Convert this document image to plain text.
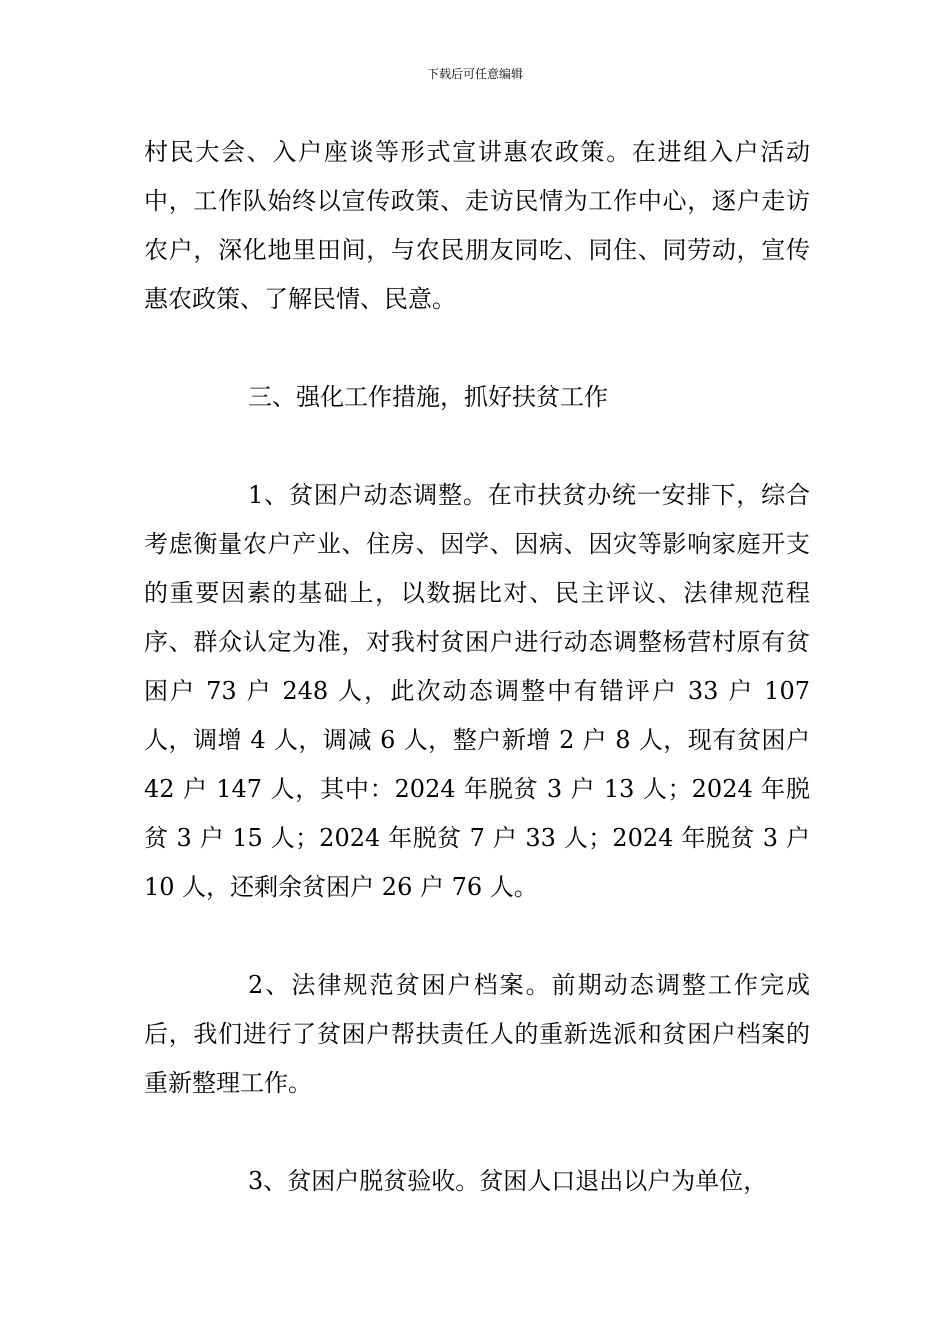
下载后可任意编辑

村民大会、入户座谈等形式宣讲惠农政策。在进组入户活动中，工作队始终以宣传政策、走访民情为工作中心，逐户走访农户，深化地里田间，与农民朋友同吃、同住、同劳动，宣传惠农政策、了解民情、民意。

三、强化工作措施，抓好扶贫工作

1、贫困户动态调整。在市扶贫办统一安排下，综合考虑衡量农户产业、住房、因学、因病、因灾等影响家庭开支的重要因素的基础上，以数据比对、民主评议、法律规范程序、群众认定为准，对我村贫困户进行动态调整杨营村原有贫困户 73 户 248 人，此次动态调整中有错评户 33 户 107 人，调增 4 人，调减 6 人，整户新增 2 户 8 人，现有贫困户 42 户 147 人，其中：2024 年脱贫 3 户 13 人；2024 年脱贫 3 户 15 人；2024 年脱贫 7 户 33 人；2024 年脱贫 3 户 10 人，还剩余贫困户 26 户 76 人。

2、法律规范贫困户档案。前期动态调整工作完成后，我们进行了贫困户帮扶责任人的重新选派和贫困户档案的重新整理工作。

3、贫困户脱贫验收。贫困人口退出以户为单位，
